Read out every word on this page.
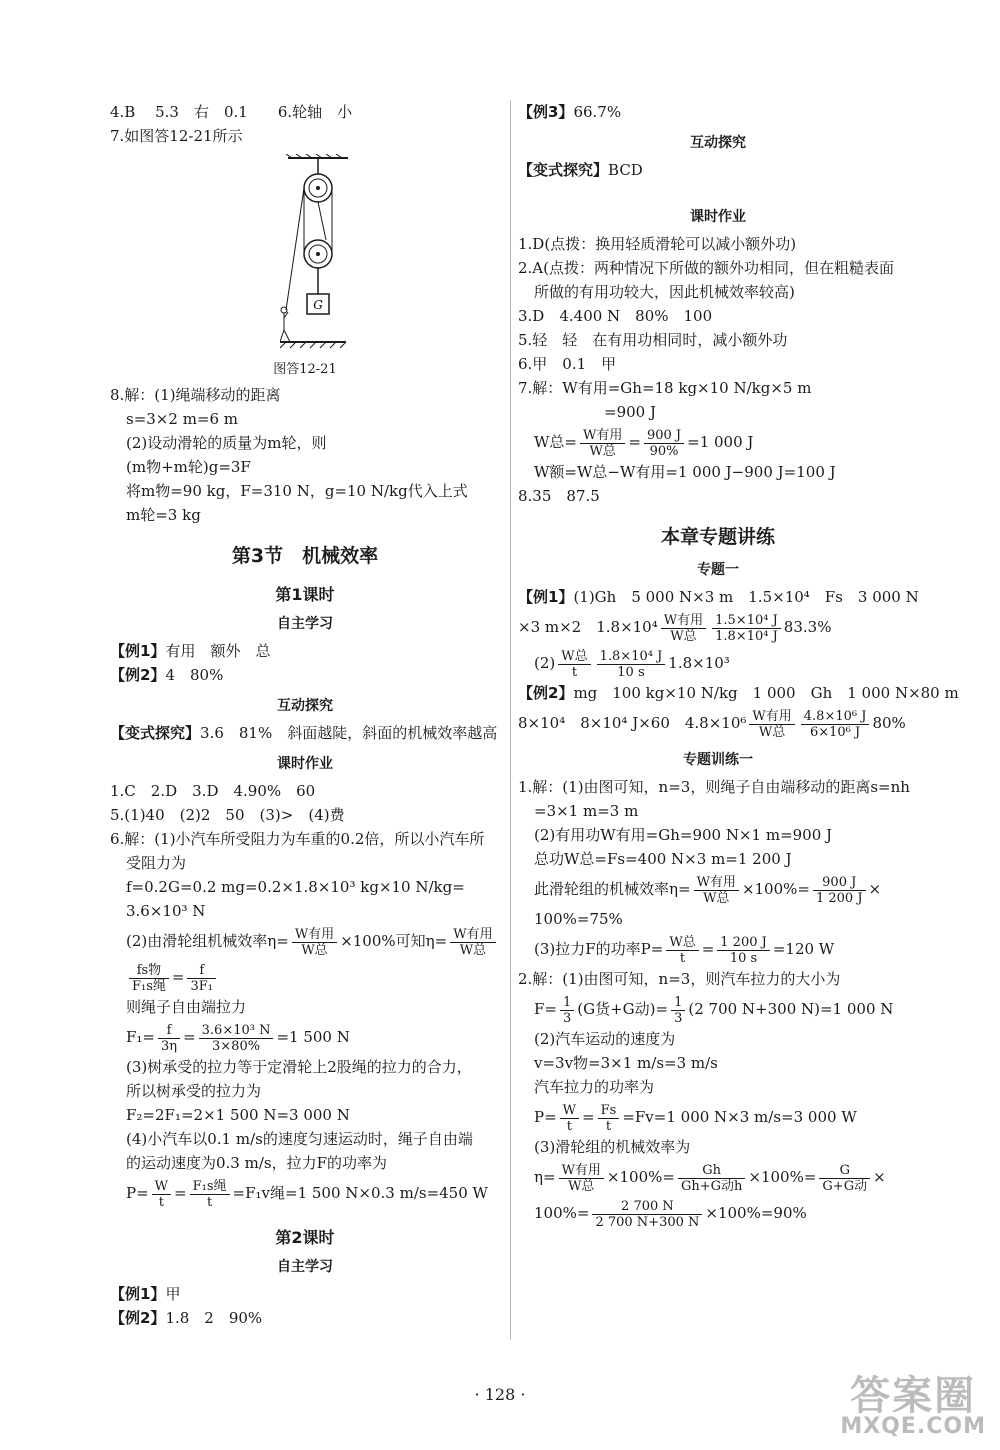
4.B　 5.3　右　0.1　　6.轮轴　小
7.如图答12-21所示
G
图答12-21
8.解：(1)绳端移动的距离
s=3×2 m=6 m
(2)设动滑轮的质量为m轮，则
(m物+m轮)g=3F
将m物=90 kg，F=310 N，g=10 N/kg代入上式
m轮=3 kg
第3节　机械效率
第1课时
自主学习
【例1】有用　额外　总
【例2】4　80%
互动探究
【变式探究】3.6　81%　斜面越陡，斜面的机械效率越高
课时作业
1.C　2.D　3.D　4.90%　60
5.(1)40　(2)2　50　(3)>　(4)费
6.解：(1)小汽车所受阻力为车重的0.2倍，所以小汽车所
受阻力为
f=0.2G=0.2 mg=0.2×1.8×10³ kg×10 N/kg=
3.6×10³ N
(2)由滑轮组机械效率$\eta= \frac{\text{W有用}}{\text{W总}} \times 100\%$可知$\eta= \frac{\text{W有用}}{\text{W总}}$
$\frac{\text{fs物}}{\text{F₁s绳}} = \frac{f}{\text{3F₁}}$
则绳子自由端拉力
$F_1= \frac{f}{3\eta} = \frac{\text{3.6×10³ N}}{3\times 80\%} =1$ 500 N
(3)树承受的拉力等于定滑轮上2股绳的拉力的合力，
所以树承受的拉力为
F₂=2F₁=2×1 500 N=3 000 N
(4)小汽车以0.1 m/s的速度匀速运动时，绳子自由端
的运动速度为0.3 m/s，拉力F的功率为
$P= \frac{W}{t} = \frac{\text{F₁s绳}}{t} =F_1v$绳=1 500 N×0.3 m/s=450 W
第2课时
自主学习
【例1】甲
【例2】1.8　2　90%
【例3】66.7%
互动探究
【变式探究】BCD
课时作业
1.D(点拨：换用轻质滑轮可以减小额外功)
2.A(点拨：两种情况下所做的额外功相同，但在粗糙表面
所做的有用功较大，因此机械效率较高)
3.D　4.400 N　80%　100
5.轻　轻　在有用功相同时，减小额外功
6.甲　0.1　甲
7.解：W有用=Gh=18 kg×10 N/kg×5 m
=900 J
W总= $\frac{\text{W有用}}{\text{W总}} = \frac{900 J}{90\%} =1$ 000 J
W额=W总−W有用=1 000 J−900 J=100 J
8.35　87.5
本章专题讲练
专题一
【例1】(1)Gh　5 000 N×3 m　1.5×10⁴　Fs　3 000 N
×3 m×2　$1.8\times 10^4 \frac{\text{W有用}}{\text{W总}} \frac{\text{1.5×10⁴ J}}{\text{1.8×10⁴ J}} 83.3\%$
$(2) \frac{\text{W总}}{t} \frac{\text{1.8×10⁴ J}}{10 s} 1.8\times 10^3$
【例2】mg　100 kg×10 N/kg　1 000　Gh　1 000 N×80 m
8×10⁴　8×10⁴ J×60　$4.8\times 10^6 \frac{\text{W有用}}{\text{W总}} \frac{\text{4.8×10⁶ J}}{\text{6×10⁶ J}} 80\%$
专题训练一
1.解：(1)由图可知，n=3，则绳子自由端移动的距离s=nh
=3×1 m=3 m
(2)有用功W有用=Gh=900 N×1 m=900 J
总功W总=Fs=400 N×3 m=1 200 J
此滑轮组的机械效率$\eta= \frac{\text{W有用}}{\text{W总}} \times 100\%= \frac{900 J}{1 200 J}$ ×
100%=75%
(3)拉力F的功率$P= \frac{\text{W总}}{t} = \frac{1 200 J}{10 s} =120$ W
2.解：(1)由图可知，n=3，则汽车拉力的大小为
$F= \frac{1}{3} (G$货+G动)= $\frac{1}{3} (2$ 700 N+300 N)=1 000 N
(2)汽车运动的速度为
v=3v物=3×1 m/s=3 m/s
汽车拉力的功率为
$P= \frac{W}{t} = \frac{Fs}{t} =Fv=1$ 000 N×3 m/s=3 000 W
(3)滑轮组的机械效率为
$\eta= \frac{\text{W有用}}{\text{W总}} \times 100\%= \frac{Gh}{\text{Gh+G动h}} \times 100\%= \frac{G}{\text{G+G动}}$ ×
$100\%= \frac{2 700 N}{2 700 N+300 N} \times 100\%=90\%$
· 128 ·	答案圈
MXQE.COM
